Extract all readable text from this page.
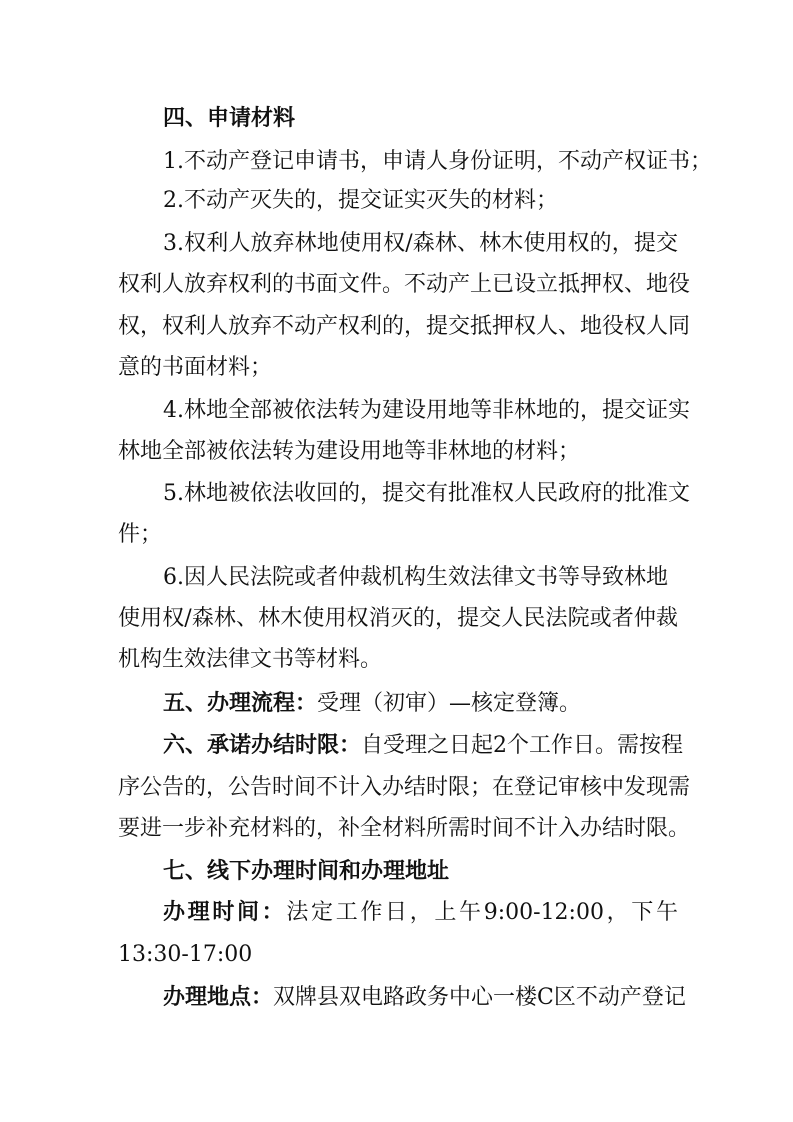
四、申请材料
1.不动产登记申请书，申请人身份证明，不动产权证书；
2.不动产灭失的，提交证实灭失的材料；
3.权利人放弃林地使用权/森林、林木使用权的，提交
权利人放弃权利的书面文件。不动产上已设立抵押权、地役
权，权利人放弃不动产权利的，提交抵押权人、地役权人同
意的书面材料；
4.林地全部被依法转为建设用地等非林地的，提交证实
林地全部被依法转为建设用地等非林地的材料；
5.林地被依法收回的，提交有批准权人民政府的批准文
件；
6.因人民法院或者仲裁机构生效法律文书等导致林地
使用权/森林、林木使用权消灭的，提交人民法院或者仲裁
机构生效法律文书等材料。
五、办理流程：受理（初审）—核定登簿。
六、承诺办结时限：自受理之日起2个工作日。需按程
序公告的，公告时间不计入办结时限；在登记审核中发现需
要进一步补充材料的，补全材料所需时间不计入办结时限。
七、线下办理时间和办理地址
办理时间：法定工作日，上午9:00-12:00，下午
13:30-17:00
办理地点：双牌县双电路政务中心一楼C区不动产登记
